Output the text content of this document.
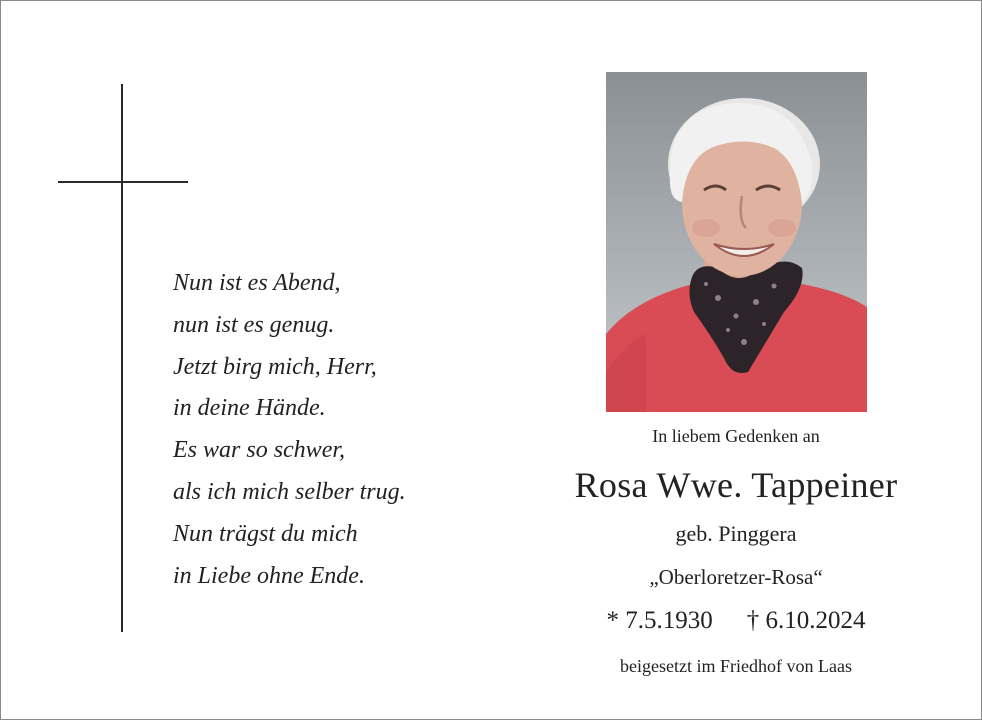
Nun ist es Abend,
nun ist es genug.
Jetzt birg mich, Herr,
in deine Hände.
Es war so schwer,
als ich mich selber trug.
Nun trägst du mich
in Liebe ohne Ende.
In liebem Gedenken an
Rosa Wwe. Tappeiner
geb. Pinggera
„Oberloretzer-Rosa“
* 7.5.1930 † 6.10.2024
beigesetzt im Friedhof von Laas
